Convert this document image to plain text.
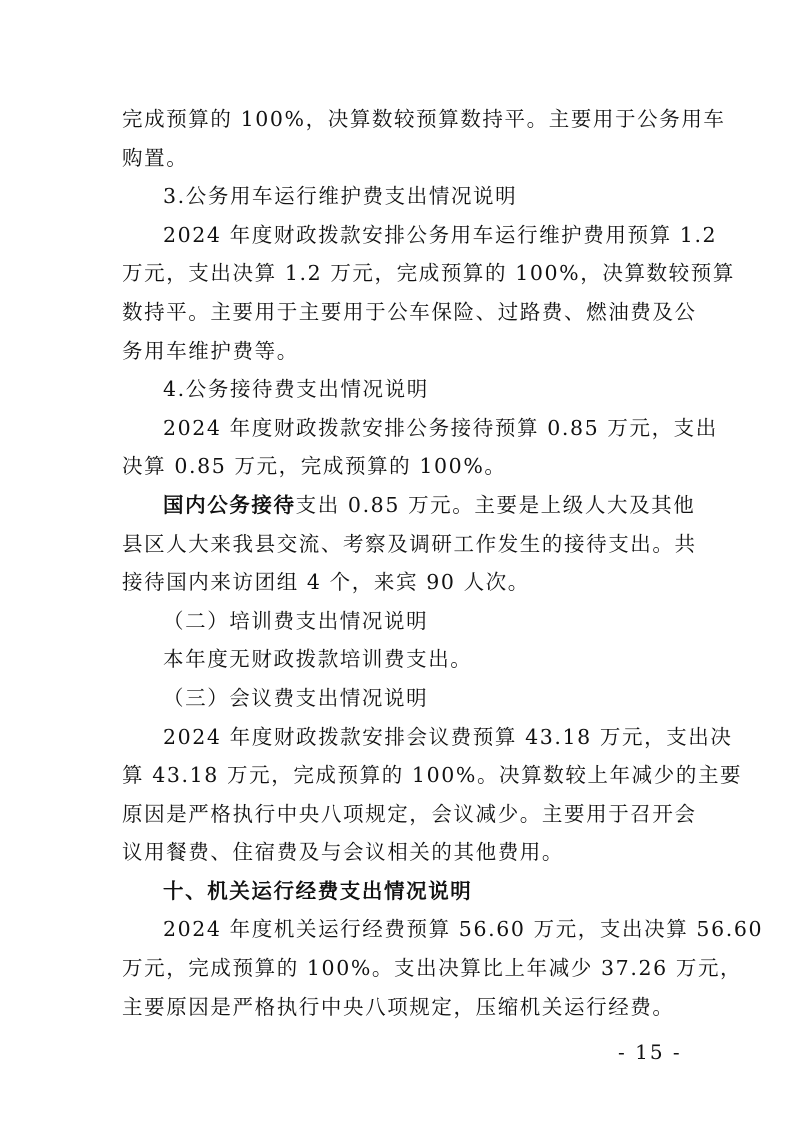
完成预算的 100%，决算数较预算数持平。主要用于公务用车
购置。
3.公务用车运行维护费支出情况说明
2024 年度财政拨款安排公务用车运行维护费用预算 1.2
万元，支出决算 1.2 万元，完成预算的 100%，决算数较预算
数持平。主要用于主要用于公车保险、过路费、燃油费及公
务用车维护费等。
4.公务接待费支出情况说明
2024 年度财政拨款安排公务接待预算 0.85 万元，支出
决算 0.85 万元，完成预算的 100%。
国内公务接待支出 0.85 万元。主要是上级人大及其他
县区人大来我县交流、考察及调研工作发生的接待支出。共
接待国内来访团组 4 个，来宾 90 人次。
（二）培训费支出情况说明
本年度无财政拨款培训费支出。
（三）会议费支出情况说明
2024 年度财政拨款安排会议费预算 43.18 万元，支出决
算 43.18 万元，完成预算的 100%。决算数较上年减少的主要
原因是严格执行中央八项规定，会议减少。主要用于召开会
议用餐费、住宿费及与会议相关的其他费用。
十、机关运行经费支出情况说明
2024 年度机关运行经费预算 56.60 万元，支出决算 56.60
万元，完成预算的 100%。支出决算比上年减少 37.26 万元，
主要原因是严格执行中央八项规定，压缩机关运行经费。
- 15 -
